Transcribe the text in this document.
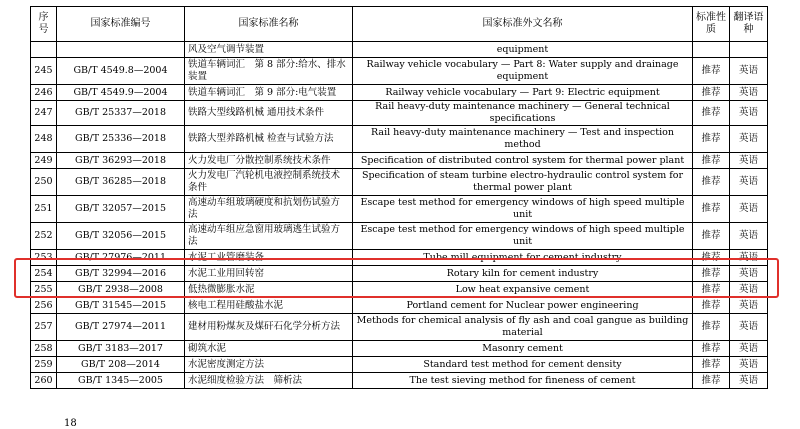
序号	国家标准编号	国家标准名称	国家标准外文名称	标准性质	翻译语种
		风及空气调节装置	equipment		
245	GB/T 4549.8—2004	铁道车辆词汇　第 8 部分:给水、排水装置	Railway vehicle vocabulary — Part 8: Water supply and drainage equipment	推荐	英语
246	GB/T 4549.9—2004	铁道车辆词汇　第 9 部分:电气装置	Railway vehicle vocabulary — Part 9: Electric equipment	推荐	英语
247	GB/T 25337—2018	铁路大型线路机械 通用技术条件	Rail heavy-duty maintenance machinery — General technical specifications	推荐	英语
248	GB/T 25336—2018	铁路大型养路机械 检查与试验方法	Rail heavy-duty maintenance machinery — Test and inspection method	推荐	英语
249	GB/T 36293—2018	火力发电厂分散控制系统技术条件	Specification of distributed control system for thermal power plant	推荐	英语
250	GB/T 36285—2018	火力发电厂汽轮机电液控制系统技术条件	Specification of steam turbine electro-hydraulic control system for thermal power plant	推荐	英语
251	GB/T 32057—2015	高速动车组玻璃硬度和抗划伤试验方法	Escape test method for emergency windows of high speed multiple unit	推荐	英语
252	GB/T 32056—2015	高速动车组应急窗用玻璃逃生试验方法	Escape test method for emergency windows of high speed multiple unit	推荐	英语
253	GB/T 27976—2011	水泥工业管磨装备	Tube mill equipment for cement industry	推荐	英语
254	GB/T 32994—2016	水泥工业用回转窑	Rotary kiln for cement industry	推荐	英语
255	GB/T 2938—2008	低热微膨胀水泥	Low heat expansive cement	推荐	英语
256	GB/T 31545—2015	核电工程用硅酸盐水泥	Portland cement for Nuclear power engineering	推荐	英语
257	GB/T 27974—2011	建材用粉煤灰及煤矸石化学分析方法	Methods for chemical analysis of fly ash and coal gangue as building material	推荐	英语
258	GB/T 3183—2017	砌筑水泥	Masonry cement	推荐	英语
259	GB/T 208—2014	水泥密度测定方法	Standard test method for cement density	推荐	英语
260	GB/T 1345—2005	水泥细度检验方法　筛析法	The test sieving method for fineness of cement	推荐	英语
18
